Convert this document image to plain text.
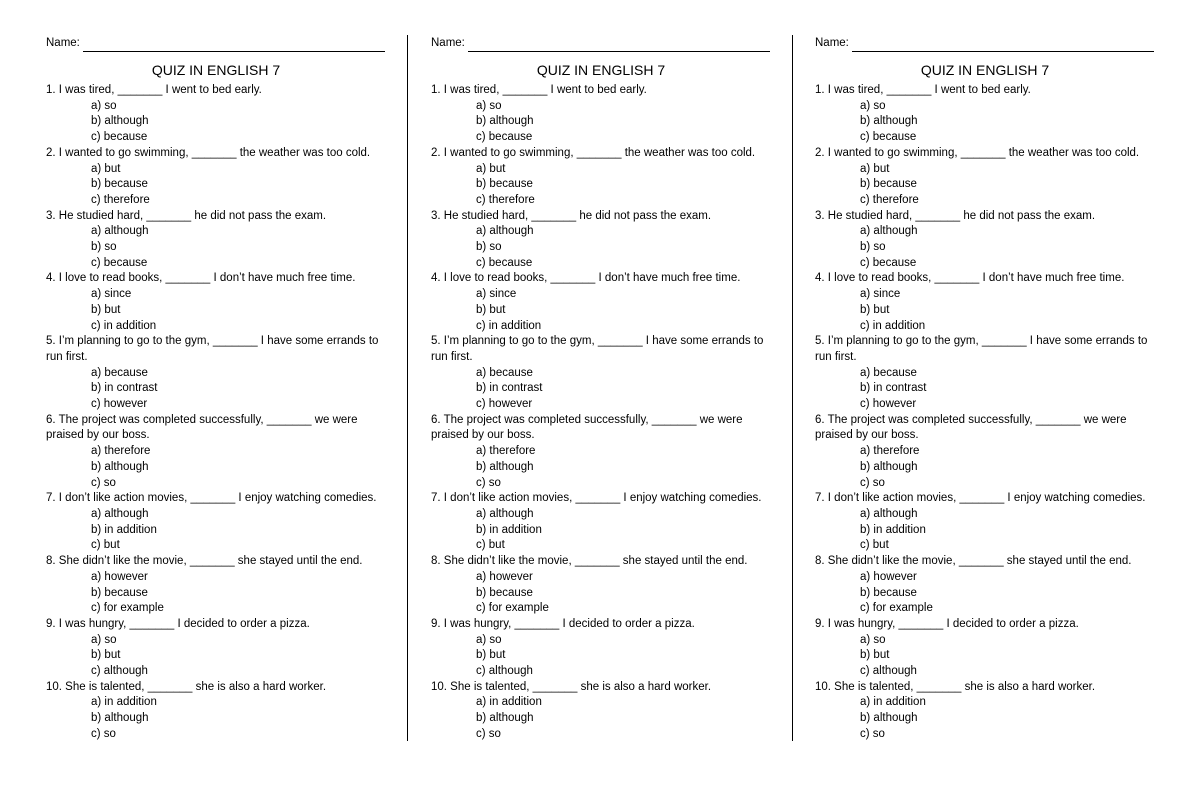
Name:
QUIZ IN ENGLISH 7
1. I was tired, _______ I went to bed early.
a) so
b) although
c) because
2. I wanted to go swimming, _______ the weather was too cold.
a) but
b) because
c) therefore
3. He studied hard, _______ he did not pass the exam.
a) although
b) so
c) because
4. I love to read books, _______ I don’t have much free time.
a) since
b) but
c) in addition
5. I’m planning to go to the gym, _______ I have some errands to run first.
a) because
b) in contrast
c) however
6. The project was completed successfully, _______ we were praised by our boss.
a) therefore
b) although
c) so
7. I don’t like action movies, _______ I enjoy watching comedies.
a) although
b) in addition
c) but
8. She didn’t like the movie, _______ she stayed until the end.
a) however
b) because
c) for example
9. I was hungry, _______ I decided to order a pizza.
a) so
b) but
c) although
10. She is talented, _______ she is also a hard worker.
a) in addition
b) although
c) so
Name:
QUIZ IN ENGLISH 7
1. I was tired, _______ I went to bed early.
a) so
b) although
c) because
2. I wanted to go swimming, _______ the weather was too cold.
a) but
b) because
c) therefore
3. He studied hard, _______ he did not pass the exam.
a) although
b) so
c) because
4. I love to read books, _______ I don’t have much free time.
a) since
b) but
c) in addition
5. I’m planning to go to the gym, _______ I have some errands to run first.
a) because
b) in contrast
c) however
6. The project was completed successfully, _______ we were praised by our boss.
a) therefore
b) although
c) so
7. I don’t like action movies, _______ I enjoy watching comedies.
a) although
b) in addition
c) but
8. She didn’t like the movie, _______ she stayed until the end.
a) however
b) because
c) for example
9. I was hungry, _______ I decided to order a pizza.
a) so
b) but
c) although
10. She is talented, _______ she is also a hard worker.
a) in addition
b) although
c) so
Name:
QUIZ IN ENGLISH 7
1. I was tired, _______ I went to bed early.
a) so
b) although
c) because
2. I wanted to go swimming, _______ the weather was too cold.
a) but
b) because
c) therefore
3. He studied hard, _______ he did not pass the exam.
a) although
b) so
c) because
4. I love to read books, _______ I don’t have much free time.
a) since
b) but
c) in addition
5. I’m planning to go to the gym, _______ I have some errands to run first.
a) because
b) in contrast
c) however
6. The project was completed successfully, _______ we were praised by our boss.
a) therefore
b) although
c) so
7. I don’t like action movies, _______ I enjoy watching comedies.
a) although
b) in addition
c) but
8. She didn’t like the movie, _______ she stayed until the end.
a) however
b) because
c) for example
9. I was hungry, _______ I decided to order a pizza.
a) so
b) but
c) although
10. She is talented, _______ she is also a hard worker.
a) in addition
b) although
c) so
